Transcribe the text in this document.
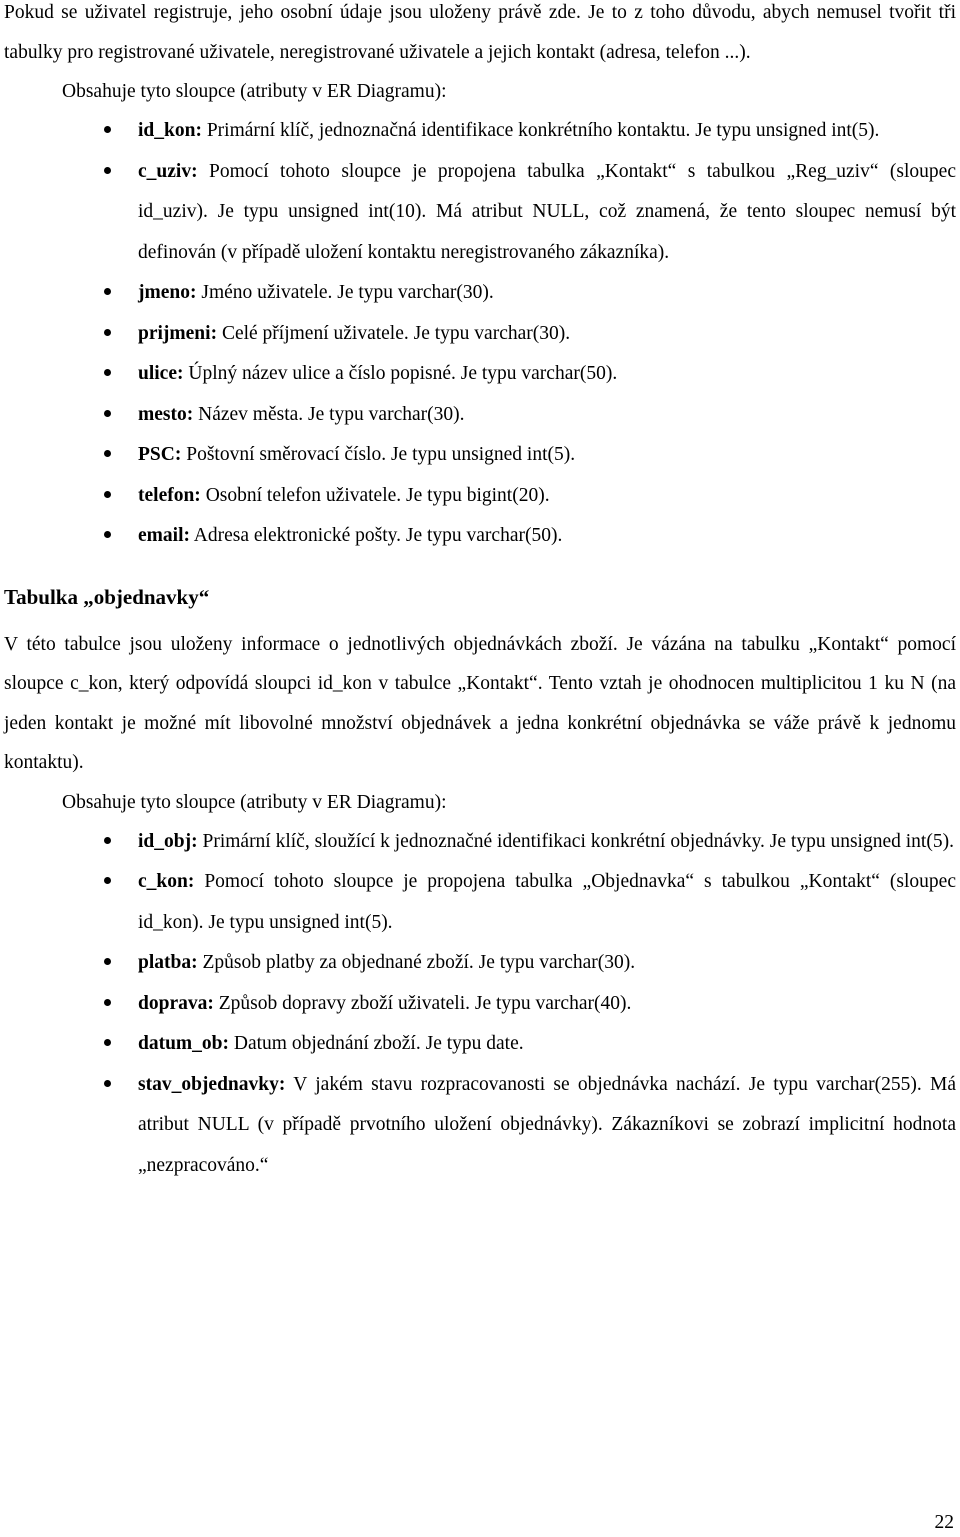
Pokud se uživatel registruje, jeho osobní údaje jsou uloženy právě zde. Je to z toho důvodu, abych nemusel tvořit tři tabulky pro registrované uživatele, neregistrované uživatele a jejich kontakt (adresa, telefon ...).

Obsahuje tyto sloupce (atributy v ER Diagramu):

id_kon: Primární klíč, jednoznačná identifikace konkrétního kontaktu. Je typu unsigned int(5).
c_uziv: Pomocí tohoto sloupce je propojena tabulka „Kontakt“ s tabulkou „Reg_uziv“ (sloupec id_uziv). Je typu unsigned int(10). Má atribut NULL, což znamená, že tento sloupec nemusí být definován (v případě uložení kontaktu neregistrovaného zákazníka).
jmeno: Jméno uživatele. Je typu varchar(30).
prijmeni: Celé příjmení uživatele. Je typu varchar(30).
ulice: Úplný název ulice a číslo popisné. Je typu varchar(50).
mesto: Název města. Je typu varchar(30).
PSC: Poštovní směrovací číslo. Je typu unsigned int(5).
telefon: Osobní telefon uživatele. Je typu bigint(20).
email: Adresa elektronické pošty. Je typu varchar(50).
Tabulka „objednavky“

V této tabulce jsou uloženy informace o jednotlivých objednávkách zboží. Je vázána na tabulku „Kontakt“ pomocí sloupce c_kon, který odpovídá sloupci id_kon v tabulce „Kontakt“. Tento vztah je ohodnocen multiplicitou 1 ku N (na jeden kontakt je možné mít libovolné množství objednávek a jedna konkrétní objednávka se váže právě k jednomu kontaktu).

Obsahuje tyto sloupce (atributy v ER Diagramu):

id_obj: Primární klíč, sloužící k jednoznačné identifikaci konkrétní objednávky. Je typu unsigned int(5).
c_kon: Pomocí tohoto sloupce je propojena tabulka „Objednavka“ s tabulkou „Kontakt“ (sloupec id_kon). Je typu unsigned int(5).
platba: Způsob platby za objednané zboží. Je typu varchar(30).
doprava: Způsob dopravy zboží uživateli. Je typu varchar(40).
datum_ob: Datum objednání zboží. Je typu date.
stav_objednavky: V jakém stavu rozpracovanosti se objednávka nachází. Je typu varchar(255). Má atribut NULL (v případě prvotního uložení objednávky). Zákazníkovi se zobrazí implicitní hodnota „nezpracováno.“
22
